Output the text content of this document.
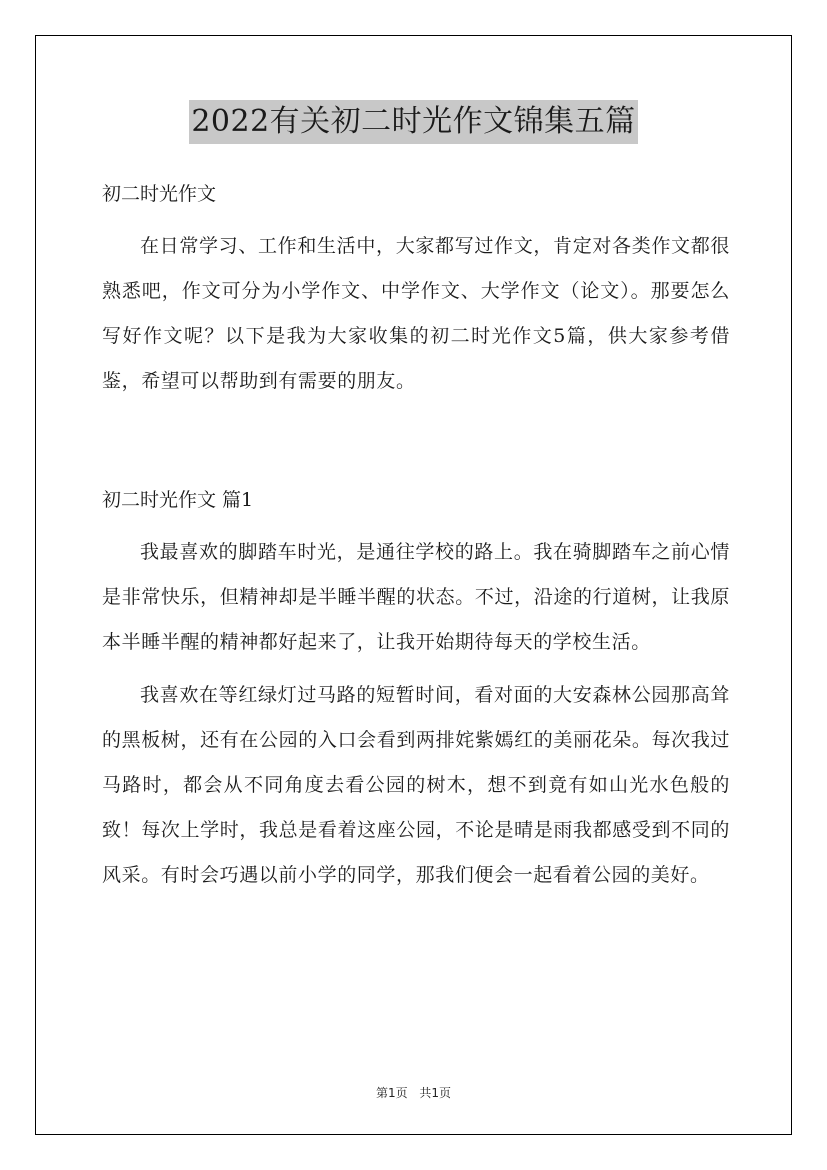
2022有关初二时光作文锦集五篇

初二时光作文

在日常学习、工作和生活中，大家都写过作文，肯定对各类作文都很熟悉吧，作文可分为小学作文、中学作文、大学作文（论文）。那要怎么写好作文呢？以下是我为大家收集的初二时光作文5篇，供大家参考借鉴，希望可以帮助到有需要的朋友。

初二时光作文 篇1

我最喜欢的脚踏车时光，是通往学校的路上。我在骑脚踏车之前心情是非常快乐，但精神却是半睡半醒的状态。不过，沿途的行道树，让我原本半睡半醒的精神都好起来了，让我开始期待每天的学校生活。

我喜欢在等红绿灯过马路的短暂时间，看对面的大安森林公园那高耸的黑板树，还有在公园的入口会看到两排姹紫嫣红的美丽花朵。每次我过马路时，都会从不同角度去看公园的树木，想不到竟有如山光水色般的致！每次上学时，我总是看着这座公园，不论是晴是雨我都感受到不同的风采。有时会巧遇以前小学的同学，那我们便会一起看着公园的美好。

第1页 共1页
